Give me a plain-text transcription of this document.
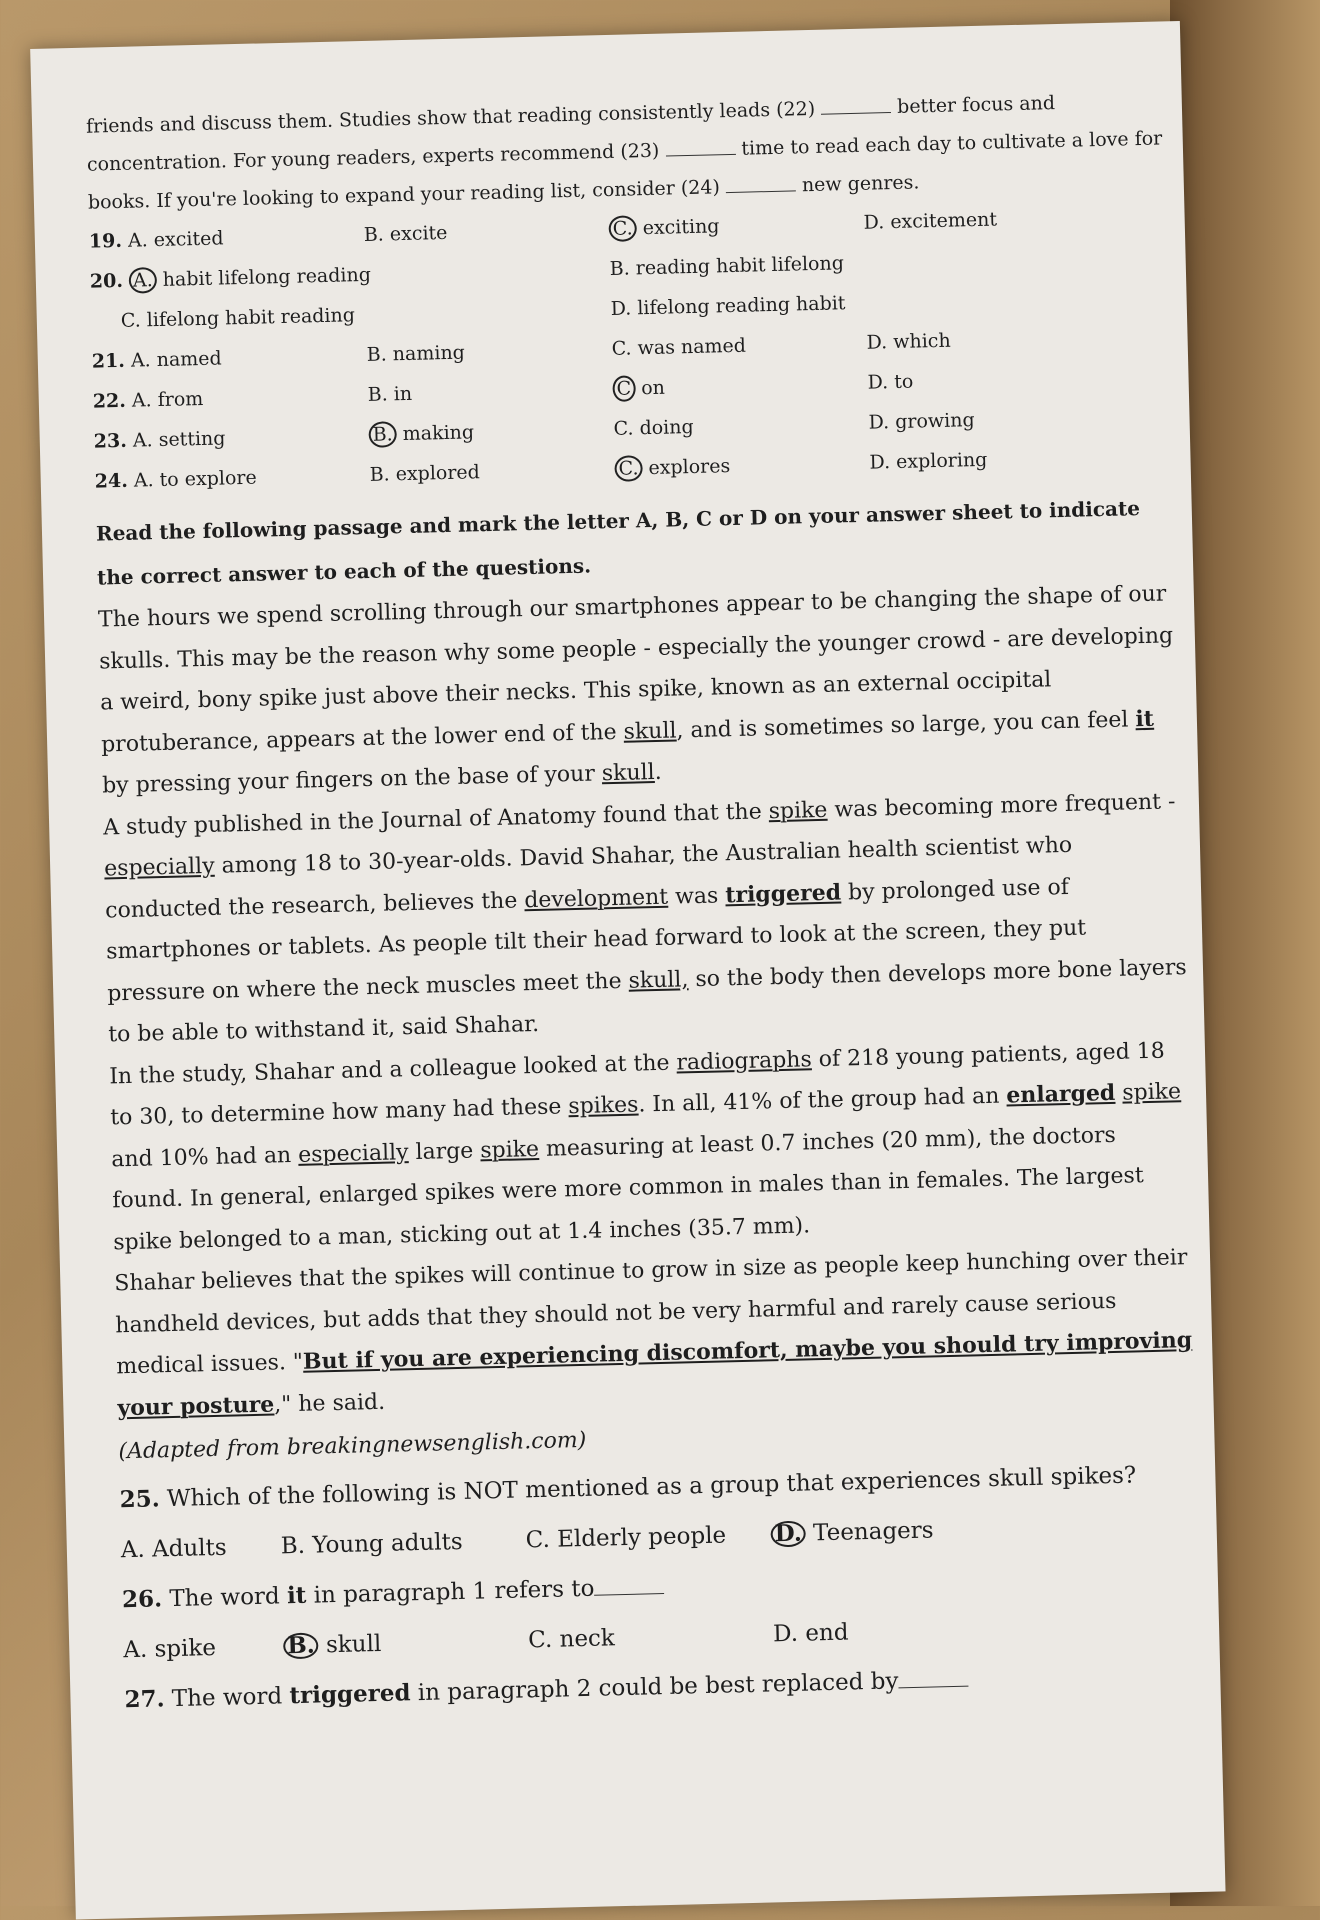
friends and discuss them. Studies show that reading consistently leads (22)	better focus and

concentration. For young readers, experts recommend (23)	time to read each day to cultivate a love for

books. If you're looking to expand your reading list, consider (24)	new genres.

19. A. excited	B. excite	C. exciting	D. excitement
20. A. habit lifelong reading	B. reading habit lifelong
C. lifelong habit reading	D. lifelong reading habit
21. A. named	B. naming	C. was named	D. which
22. A. from	B. in	C on	D. to
23. A. setting	B. making	C. doing	D. growing
24. A. to explore	B. explored	C. explores	D. exploring

Read the following passage and mark the letter A, B, C or D on your answer sheet to indicate the correct answer to each of the questions.

The hours we spend scrolling through our smartphones appear to be changing the shape of our skulls. This may be the reason why some people - especially the younger crowd - are developing a weird, bony spike just above their necks. This spike, known as an external occipital protuberance, appears at the lower end of the skull, and is sometimes so large, you can feel it by pressing your fingers on the base of your skull.

A study published in the Journal of Anatomy found that the spike was becoming more frequent - especially among 18 to 30-year-olds. David Shahar, the Australian health scientist who conducted the research, believes the development was triggered by prolonged use of smartphones or tablets. As people tilt their head forward to look at the screen, they put pressure on where the neck muscles meet the skull, so the body then develops more bone layers to be able to withstand it, said Shahar.

In the study, Shahar and a colleague looked at the radiographs of 218 young patients, aged 18 to 30, to determine how many had these spikes. In all, 41% of the group had an enlarged spike and 10% had an especially large spike measuring at least 0.7 inches (20 mm), the doctors found. In general, enlarged spikes were more common in males than in females. The largest spike belonged to a man, sticking out at 1.4 inches (35.7 mm).

Shahar believes that the spikes will continue to grow in size as people keep hunching over their handheld devices, but adds that they should not be very harmful and rarely cause serious medical issues. "But if you are experiencing discomfort, maybe you should try improving your posture," he said.

(Adapted from breakingnewsenglish.com)

25. Which of the following is NOT mentioned as a group that experiences skull spikes?

A. Adults	B. Young adults	C. Elderly people	D. Teenagers

26. The word it in paragraph 1 refers to

A. spike	B. skull	C. neck	D. end

27. The word triggered in paragraph 2 could be best replaced by
